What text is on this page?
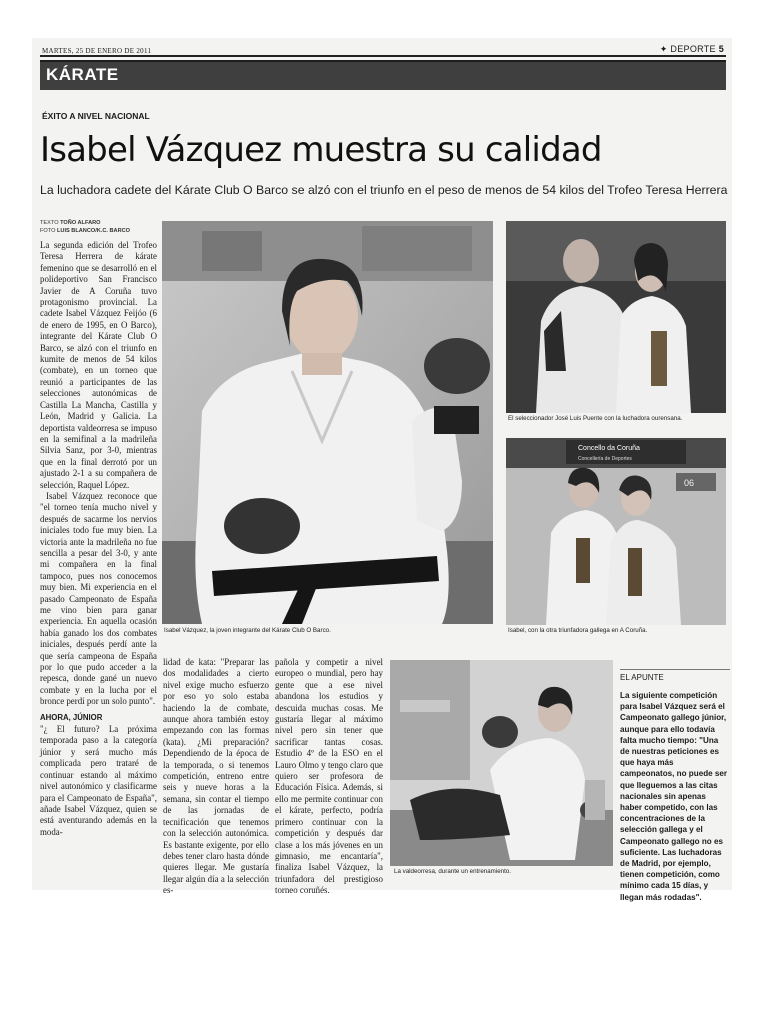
MARTES, 25 DE ENERO DE 2011	✦ DEPORTE 5
KÁRATE
ÉXITO A NIVEL NACIONAL
Isabel Vázquez muestra su calidad
La luchadora cadete del Kárate Club O Barco se alzó con el triunfo en el peso de menos de 54 kilos del Trofeo Teresa Herrera
TEXTO TOÑO ALFARO
FOTO LUIS BLANCO/K.C. BARCO

La segunda edición del Trofeo Teresa Herrera de kárate femenino que se desarrolló en el polideportivo San Francisco Javier de A Coruña tuvo protagonismo provincial. La cadete Isabel Vázquez Feijóo (6 de enero de 1995, en O Barco), integrante del Kárate Club O Barco, se alzó con el triunfo en kumite de menos de 54 kilos (combate), en un torneo que reunió a participantes de las selecciones autonómicas de Castilla La Mancha, Castilla y León, Madrid y Galicia. La deportista valdeorresa se impuso en la semifinal a la madrileña Silvia Sanz, por 3-0, mientras que en la final derrotó por un ajustado 2-1 a su compañera de selección, Raquel López.

Isabel Vázquez reconoce que "el torneo tenía mucho nivel y después de sacarme los nervios iniciales todo fue muy bien. La victoria ante la madrileña no fue sencilla a pesar del 3-0, y ante mi compañera en la final tampoco, pues nos conocemos muy bien. Mi experiencia en el pasado Campeonato de España me vino bien para ganar experiencia. En aquella ocasión había ganado los dos combates iniciales, después perdí ante la que sería campeona de España por lo que pudo acceder a la repesca, donde gané un nuevo combate y en la lucha por el bronce perdí por un solo punto".

AHORA, JÚNIOR

"¿ El futuro? La próxima temporada paso a la categoría júnior y será mucho más complicada pero trataré de continuar estando al máximo nivel autonómico y clasificarme para el Campeonato de España", añade Isabel Vázquez, quien se está aventurando además en la moda-

Isabel Vázquez, la joven integrante del Kárate Club O Barco.
El seleccionador José Luis Puente con la luchadora ourensana.
Concello da Coruña
Concellería de Deportes
06
Isabel, con la otra triunfadora gallega en A Coruña.

lidad de kata: "Preparar las dos modalidades a cierto nivel exige mucho esfuerzo por eso yo solo estaba haciendo la de combate, aunque ahora también estoy empezando con las formas (kata). ¿Mi preparación? Dependiendo de la época de la temporada, o si tenemos competición, entreno entre seis y nueve horas a la semana, sin contar el tiempo de las jornadas de tecnificación que tenemos con la selección autonómica. Es bastante exigente, por ello debes tener claro hasta dónde quieres llegar. Me gustaría llegar algún día a la selección es-

pañola y competir a nivel europeo o mundial, pero hay gente que a ese nivel abandona los estudios y descuida muchas cosas. Me gustaría llegar al máximo nivel pero sin tener que sacrificar tantas cosas. Estudio 4º de la ESO en el Lauro Olmo y tengo claro que quiero ser profesora de Educación Física. Además, si ello me permite continuar con el kárate, perfecto, podría primero continuar con la competición y después dar clase a los más jóvenes en un gimnasio, me encantaría", finaliza Isabel Vázquez, la triunfadora del prestigioso torneo coruñés.

La valdeorresa, durante un entrenamiento.
EL APUNTE
La siguiente competición para Isabel Vázquez será el Campeonato gallego júnior, aunque para ello todavía falta mucho tiempo: "Una de nuestras peticiones es que haya más campeonatos, no puede ser que lleguemos a las citas nacionales sin apenas haber competido, con las concentraciones de la selección gallega y el Campeonato gallego no es suficiente. Las luchadoras de Madrid, por ejemplo, tienen competición, como mínimo cada 15 días, y llegan más rodadas".
